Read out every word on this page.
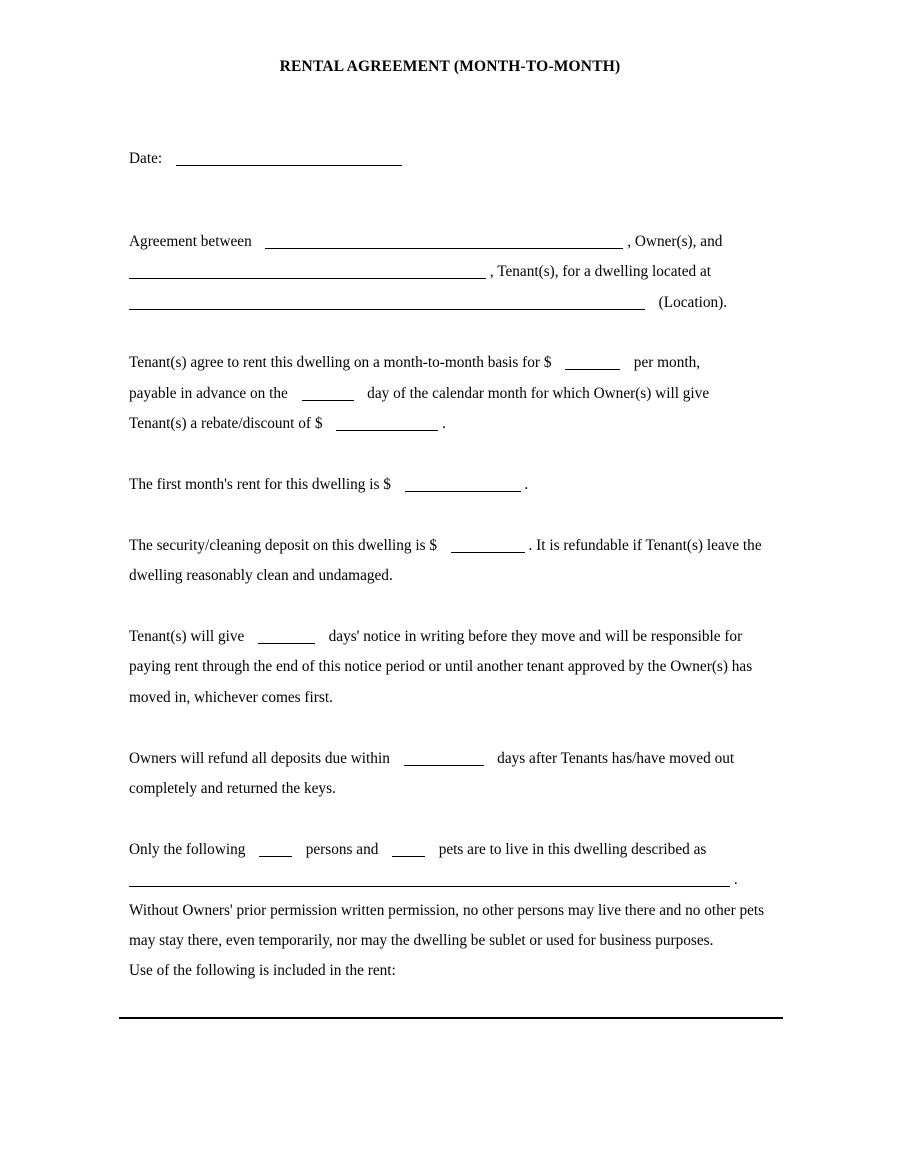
RENTAL AGREEMENT (MONTH-TO-MONTH)
Date:
Agreement between	, Owner(s), and
, Tenant(s), for a dwelling located at
(Location).
Tenant(s) agree to rent this dwelling on a month-to-month basis for $	per month,
payable in advance on the	day of the calendar month for which Owner(s) will give
Tenant(s) a rebate/discount of $	.
The first month's rent for this dwelling is $	.
The security/cleaning deposit on this dwelling is $	. It is refundable if Tenant(s) leave the dwelling reasonably clean and undamaged.
Tenant(s) will give	days' notice in writing before they move and will be responsible for paying rent through the end of this notice period or until another tenant approved by the Owner(s) has moved in, whichever comes first.
Owners will refund all deposits due within	days after Tenants has/have moved out completely and returned the keys.
Only the following	persons and	pets are to live in this dwelling described as
.
Without Owners' prior permission written permission, no other persons may live there and no other pets may stay there, even temporarily, nor may the dwelling be sublet or used for business purposes.
Use of the following is included in the rent:
